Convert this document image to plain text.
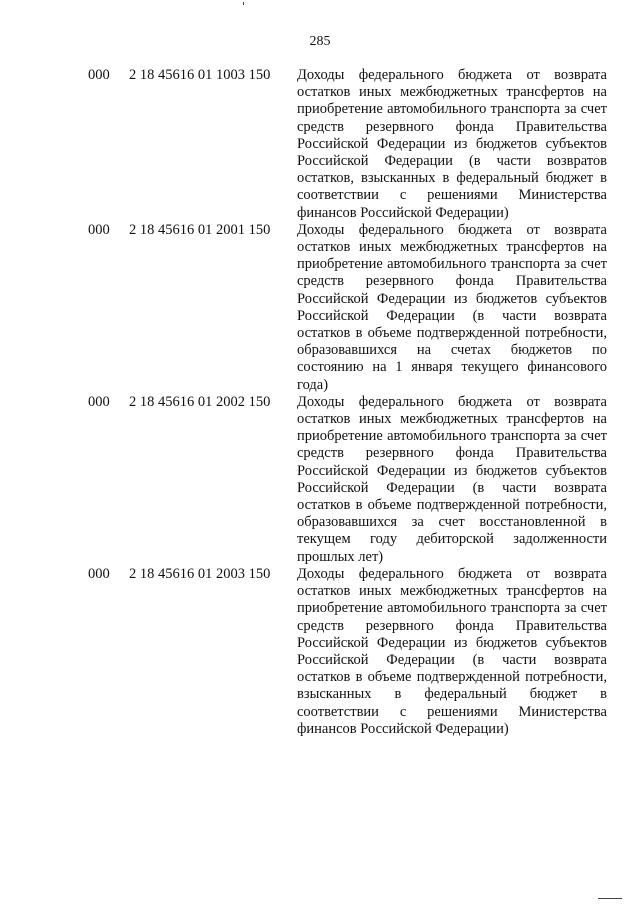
285
000 2 18 45616 01 1003 150 Доходы федерального бюджета от возврата остатков иных межбюджетных трансфертов на приобретение автомобильного транспорта за счет средств резервного фонда Правительства Российской Федерации из бюджетов субъектов Российской Федерации (в части возвратов остатков, взысканных в федеральный бюджет в соответствии с решениями Министерства финансов Российской Федерации)
000 2 18 45616 01 2001 150 Доходы федерального бюджета от возврата остатков иных межбюджетных трансфертов на приобретение автомобильного транспорта за счет средств резервного фонда Правительства Российской Федерации из бюджетов субъектов Российской Федерации (в части возврата остатков в объеме подтвержденной потребности, образовавшихся на счетах бюджетов по состоянию на 1 января текущего финансового года)
000 2 18 45616 01 2002 150 Доходы федерального бюджета от возврата остатков иных межбюджетных трансфертов на приобретение автомобильного транспорта за счет средств резервного фонда Правительства Российской Федерации из бюджетов субъектов Российской Федерации (в части возврата остатков в объеме подтвержденной потребности, образовавшихся за счет восстановленной в текущем году дебиторской задолженности прошлых лет)
000 2 18 45616 01 2003 150 Доходы федерального бюджета от возврата остатков иных межбюджетных трансфертов на приобретение автомобильного транспорта за счет средств резервного фонда Правительства Российской Федерации из бюджетов субъектов Российской Федерации (в части возврата остатков в объеме подтвержденной потребности, взысканных в федеральный бюджет в соответствии с решениями Министерства финансов Российской Федерации)
